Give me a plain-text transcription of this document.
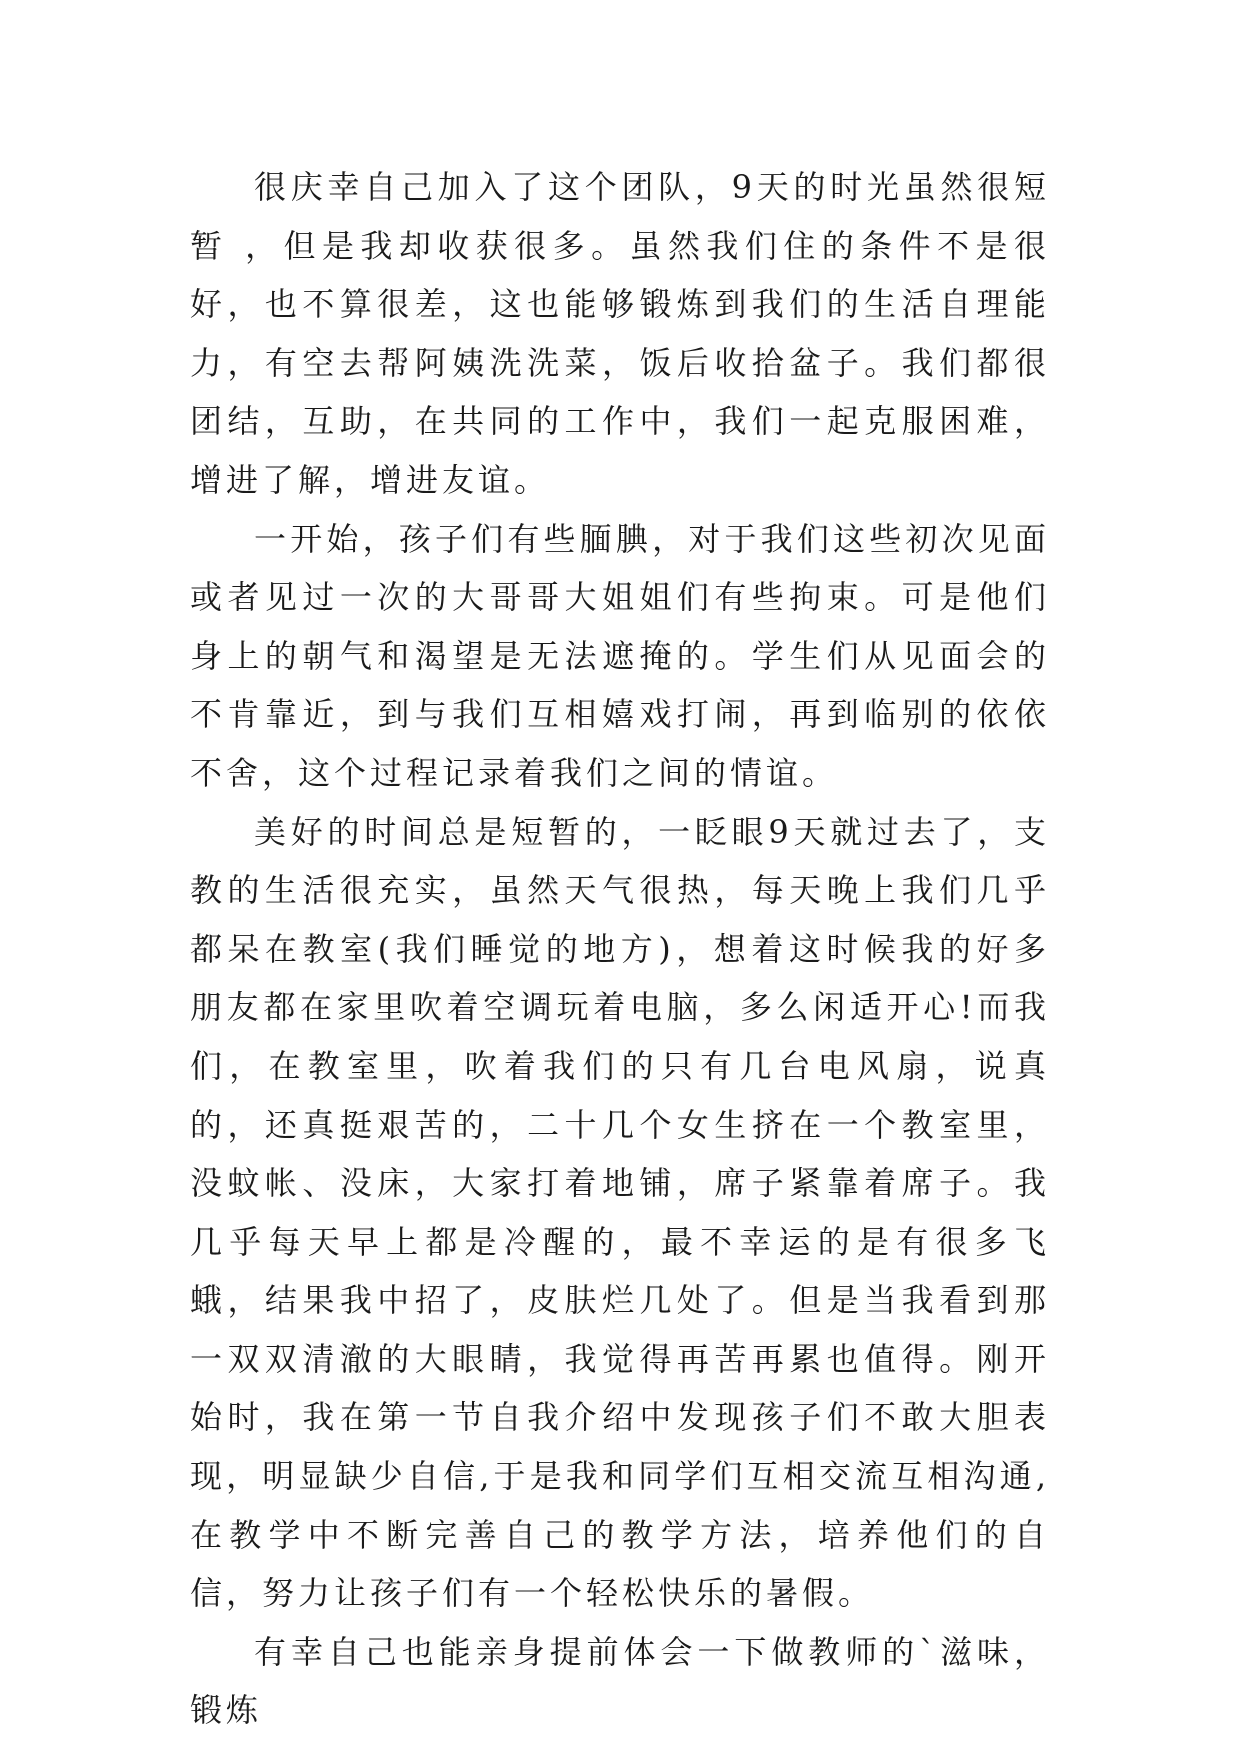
很庆幸自己加入了这个团队，9天的时光虽然很短暂 ，但是我却收获很多。虽然我们住的条件不是很好，也不算很差，这也能够锻炼到我们的生活自理能力，有空去帮阿姨洗洗菜，饭后收拾盆子。我们都很团结，互助，在共同的工作中，我们一起克服困难，增进了解，增进友谊。

一开始，孩子们有些腼腆，对于我们这些初次见面或者见过一次的大哥哥大姐姐们有些拘束。可是他们身上的朝气和渴望是无法遮掩的。学生们从见面会的不肯靠近，到与我们互相嬉戏打闹，再到临别的依依不舍，这个过程记录着我们之间的情谊。

美好的时间总是短暂的，一眨眼9天就过去了，支教的生活很充实，虽然天气很热，每天晚上我们几乎都呆在教室(我们睡觉的地方)，想着这时候我的好多朋友都在家里吹着空调玩着电脑，多么闲适开心!而我们，在教室里，吹着我们的只有几台电风扇，说真的，还真挺艰苦的，二十几个女生挤在一个教室里，没蚊帐、没床，大家打着地铺，席子紧靠着席子。我几乎每天早上都是冷醒的，最不幸运的是有很多飞蛾，结果我中招了，皮肤烂几处了。但是当我看到那一双双清澈的大眼睛，我觉得再苦再累也值得。刚开始时，我在第一节自我介绍中发现孩子们不敢大胆表现，明显缺少自信,于是我和同学们互相交流互相沟通,在教学中不断完善自己的教学方法，培养他们的自信，努力让孩子们有一个轻松快乐的暑假。

有幸自己也能亲身提前体会一下做教师的`滋味，锻炼
